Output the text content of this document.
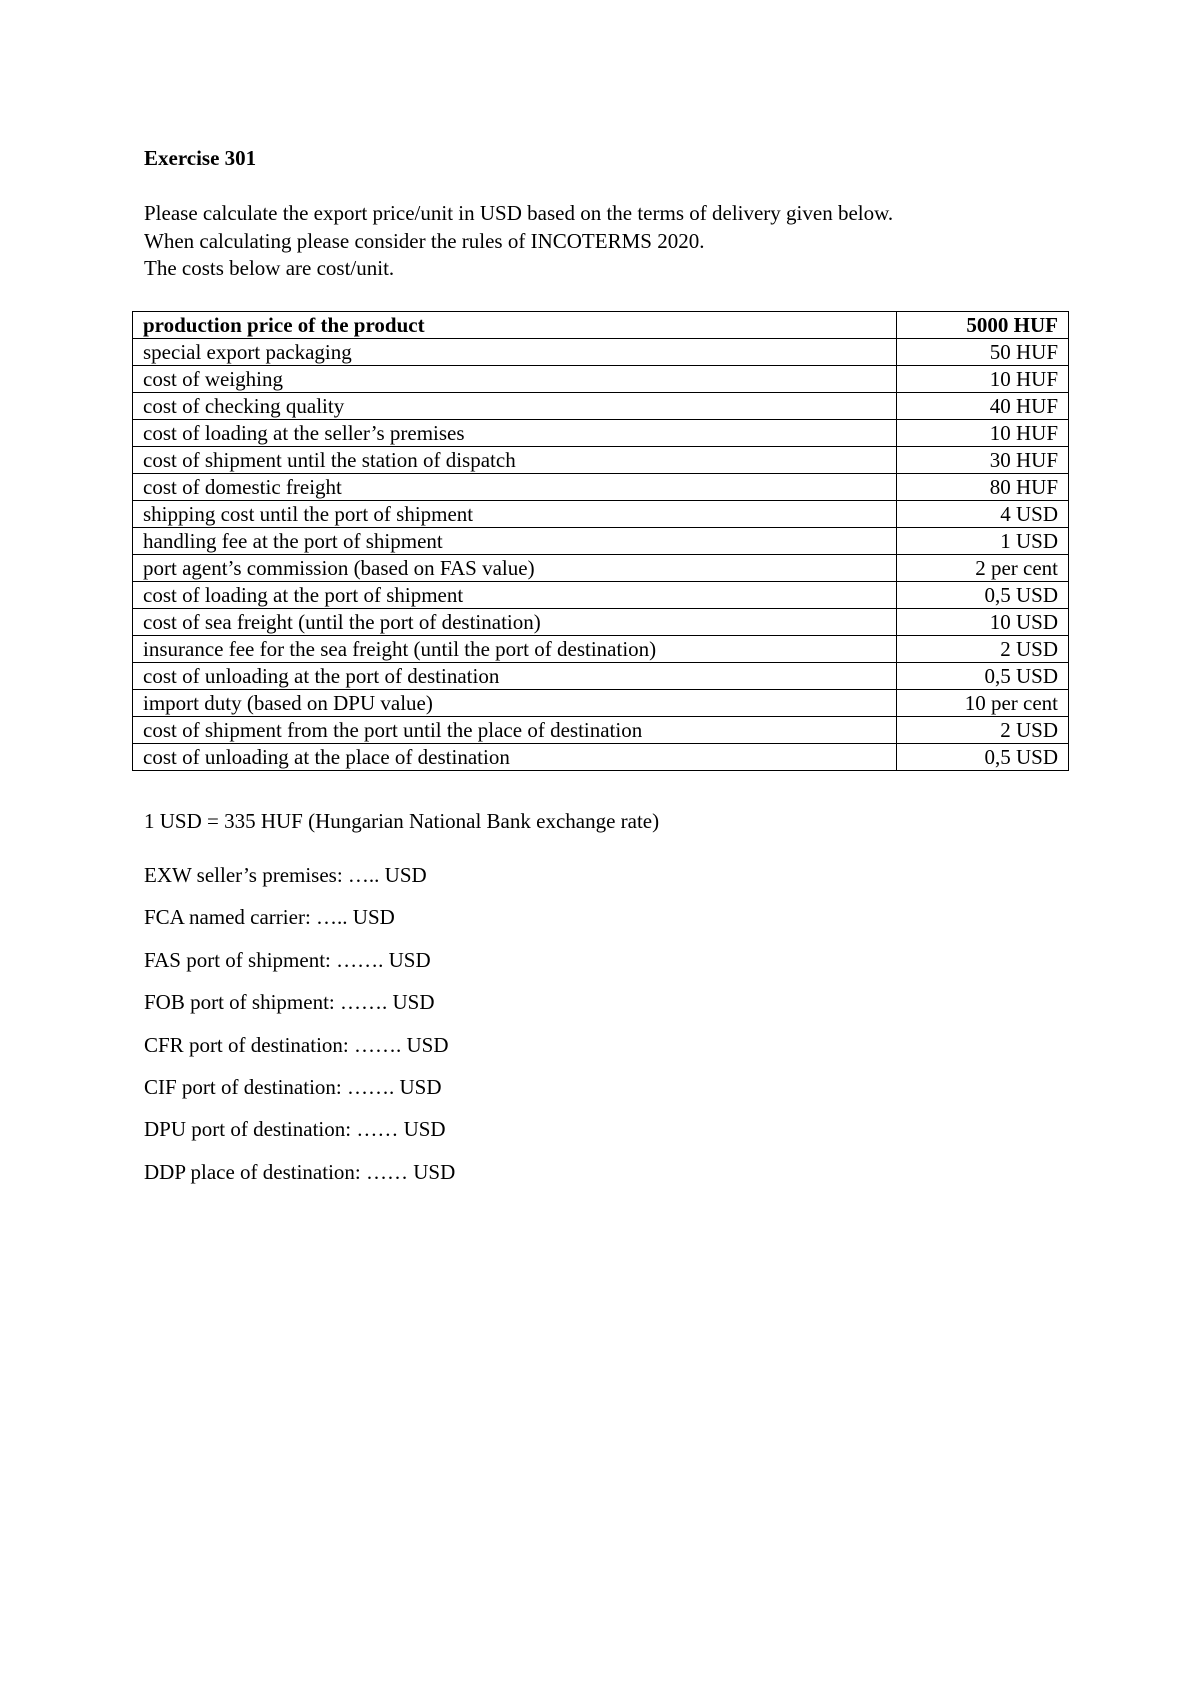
Exercise 301
Please calculate the export price/unit in USD based on the terms of delivery given below.
When calculating please consider the rules of INCOTERMS 2020.
The costs below are cost/unit.
production price of the product	5000 HUF
special export packaging	50 HUF
cost of weighing	10 HUF
cost of checking quality	40 HUF
cost of loading at the seller’s premises	10 HUF
cost of shipment until the station of dispatch	30 HUF
cost of domestic freight	80 HUF
shipping cost until the port of shipment	4 USD
handling fee at the port of shipment	1 USD
port agent’s commission (based on FAS value)	2 per cent
cost of loading at the port of shipment	0,5 USD
cost of sea freight (until the port of destination)	10 USD
insurance fee for the sea freight (until the port of destination)	2 USD
cost of unloading at the port of destination	0,5 USD
import duty (based on DPU value)	10 per cent
cost of shipment from the port until the place of destination	2 USD
cost of unloading at the place of destination	0,5 USD
1 USD = 335 HUF (Hungarian National Bank exchange rate)
EXW seller’s premises: ….. USD
FCA named carrier: ….. USD
FAS port of shipment: ……. USD
FOB port of shipment: ……. USD
CFR port of destination: ……. USD
CIF port of destination: ……. USD
DPU port of destination: …… USD
DDP place of destination: …… USD
